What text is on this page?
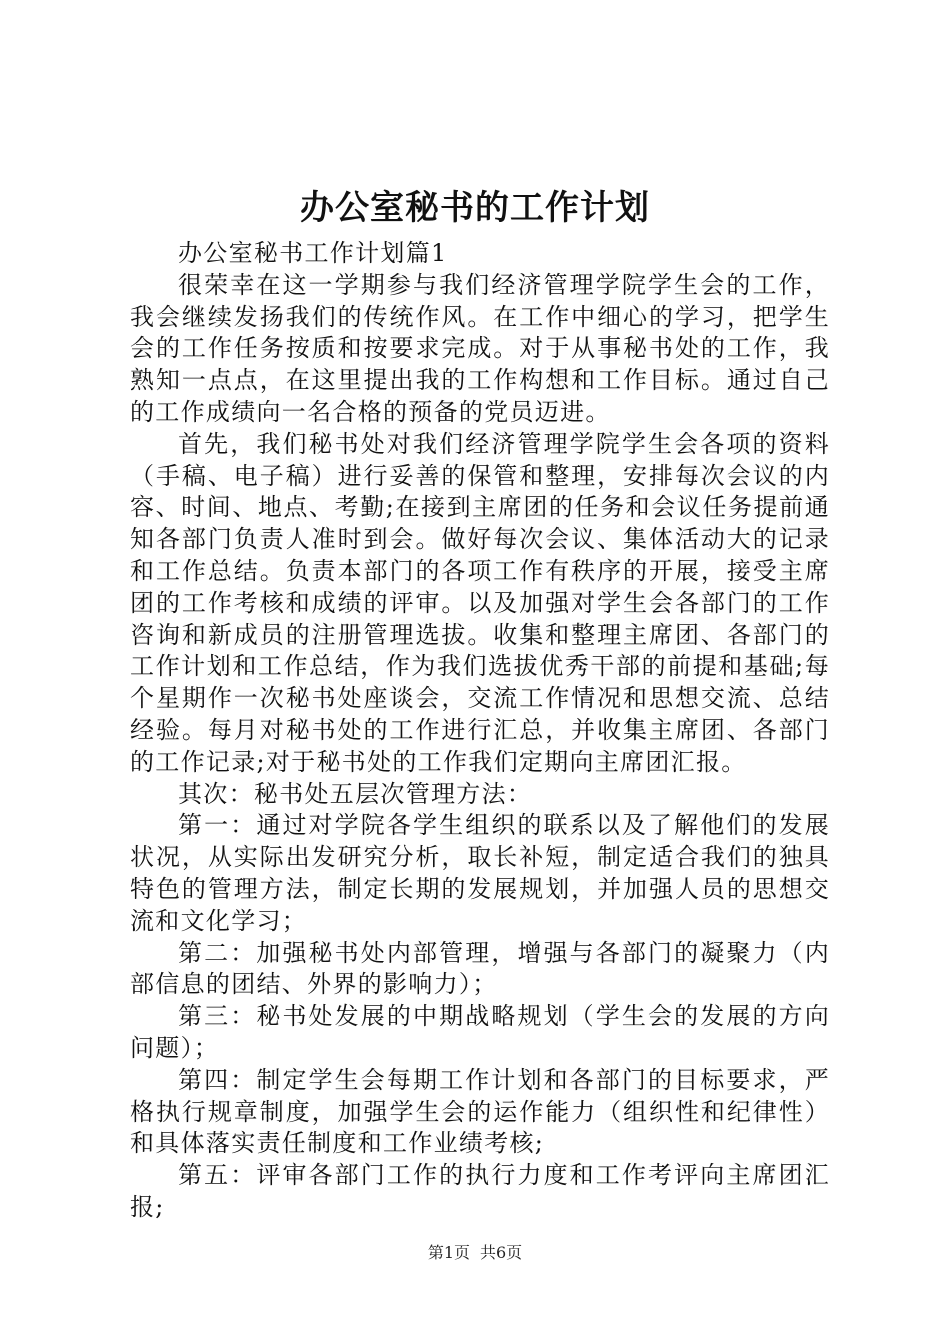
办公室秘书的工作计划

办公室秘书工作计划篇1

很荣幸在这一学期参与我们经济管理学院学生会的工作，我会继续发扬我们的传统作风。在工作中细心的学习，把学生会的工作任务按质和按要求完成。对于从事秘书处的工作，我熟知一点点，在这里提出我的工作构想和工作目标。通过自己的工作成绩向一名合格的预备的党员迈进。

首先，我们秘书处对我们经济管理学院学生会各项的资料（手稿、电子稿）进行妥善的保管和整理，安排每次会议的内容、时间、地点、考勤;在接到主席团的任务和会议任务提前通知各部门负责人准时到会。做好每次会议、集体活动大的记录和工作总结。负责本部门的各项工作有秩序的开展，接受主席团的工作考核和成绩的评审。以及加强对学生会各部门的工作咨询和新成员的注册管理选拔。收集和整理主席团、各部门的工作计划和工作总结，作为我们选拔优秀干部的前提和基础;每个星期作一次秘书处座谈会，交流工作情况和思想交流、总结经验。每月对秘书处的工作进行汇总，并收集主席团、各部门的工作记录;对于秘书处的工作我们定期向主席团汇报。

其次：秘书处五层次管理方法：

第一：通过对学院各学生组织的联系以及了解他们的发展状况，从实际出发研究分析，取长补短，制定适合我们的独具特色的管理方法，制定长期的发展规划，并加强人员的思想交流和文化学习；

第二：加强秘书处内部管理，增强与各部门的凝聚力（内部信息的团结、外界的影响力）；

第三：秘书处发展的中期战略规划（学生会的发展的方向问题）；

第四：制定学生会每期工作计划和各部门的目标要求，严格执行规章制度，加强学生会的运作能力（组织性和纪律性）和具体落实责任制度和工作业绩考核;

第五：评审各部门工作的执行力度和工作考评向主席团汇报;

第1页 共6页
